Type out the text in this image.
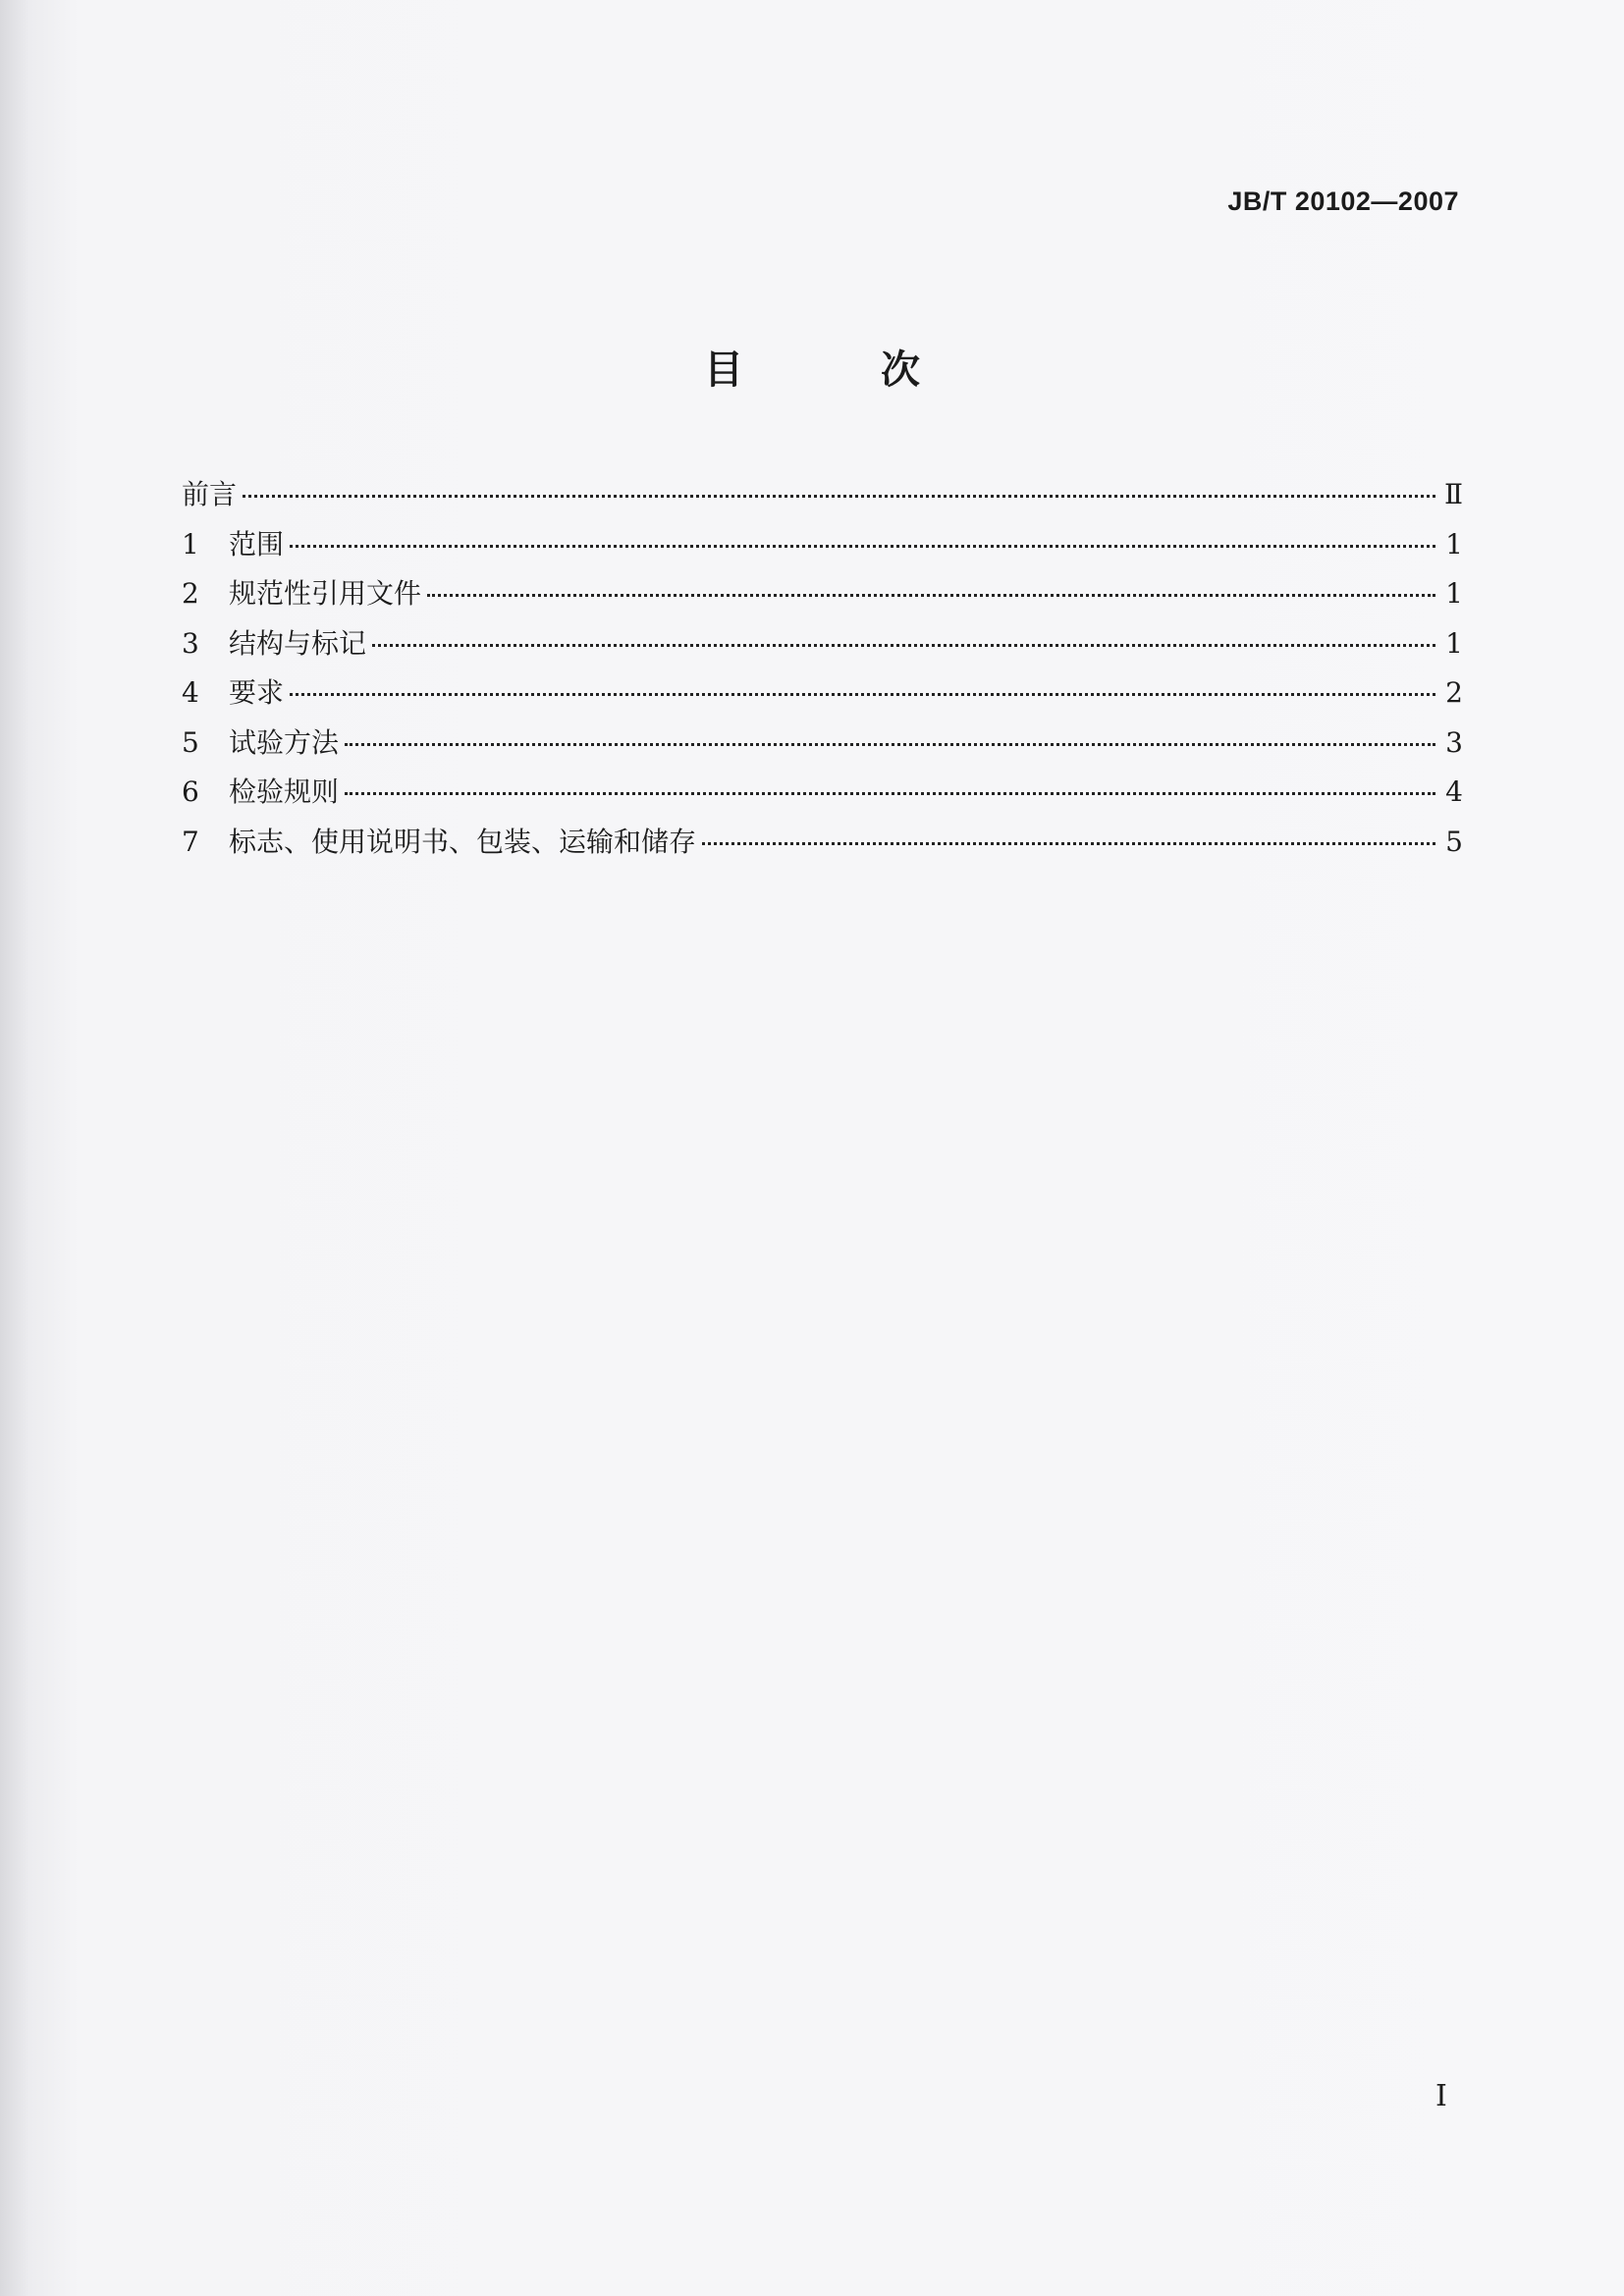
JB/T 20102—2007
目　次
前言	Ⅱ
1	范围	1
2	规范性引用文件	1
3	结构与标记	1
4	要求	2
5	试验方法	3
6	检验规则	4
7	标志、使用说明书、包装、运输和储存	5
I
